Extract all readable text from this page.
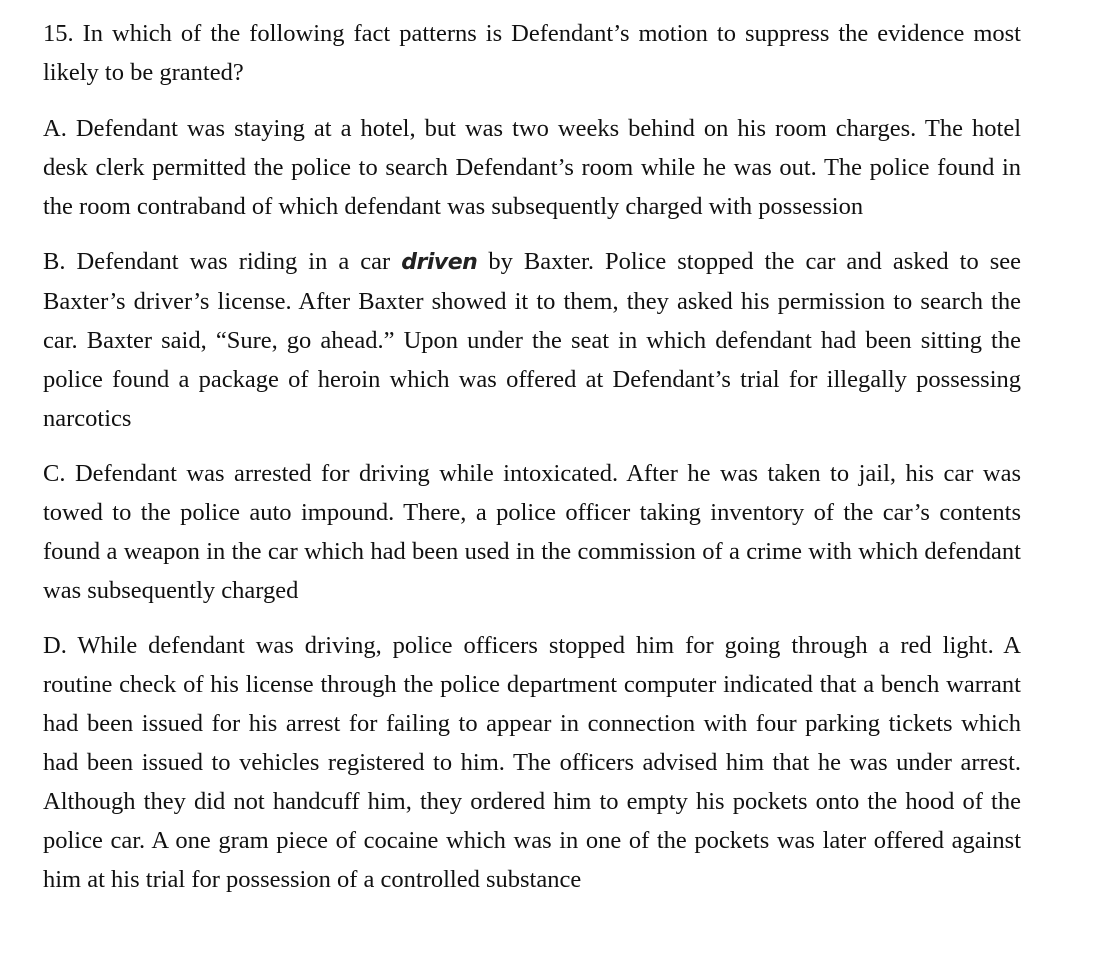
15. In which of the following fact patterns is Defendant’s motion to suppress the evidence most likely to be granted?

A. Defendant was staying at a hotel, but was two weeks behind on his room charges. The hotel desk clerk permitted the police to search Defendant’s room while he was out. The police found in the room contraband of which defendant was subsequently charged with possession

B. Defendant was riding in a car driven by Baxter. Police stopped the car and asked to see Baxter’s driver’s license. After Baxter showed it to them, they asked his permission to search the car. Baxter said, “Sure, go ahead.” Upon under the seat in which defendant had been sitting the police found a package of heroin which was offered at Defendant’s trial for illegally possessing narcotics

C. Defendant was arrested for driving while intoxicated. After he was taken to jail, his car was towed to the police auto impound. There, a police officer taking inventory of the car’s contents found a weapon in the car which had been used in the commission of a crime with which defendant was subsequently charged

D. While defendant was driving, police officers stopped him for going through a red light. A routine check of his license through the police department computer indicated that a bench warrant had been issued for his arrest for failing to appear in connection with four parking tickets which had been issued to vehicles registered to him. The officers advised him that he was under arrest. Although they did not handcuff him, they ordered him to empty his pockets onto the hood of the police car. A one gram piece of cocaine which was in one of the pockets was later offered against him at his trial for possession of a controlled substance
